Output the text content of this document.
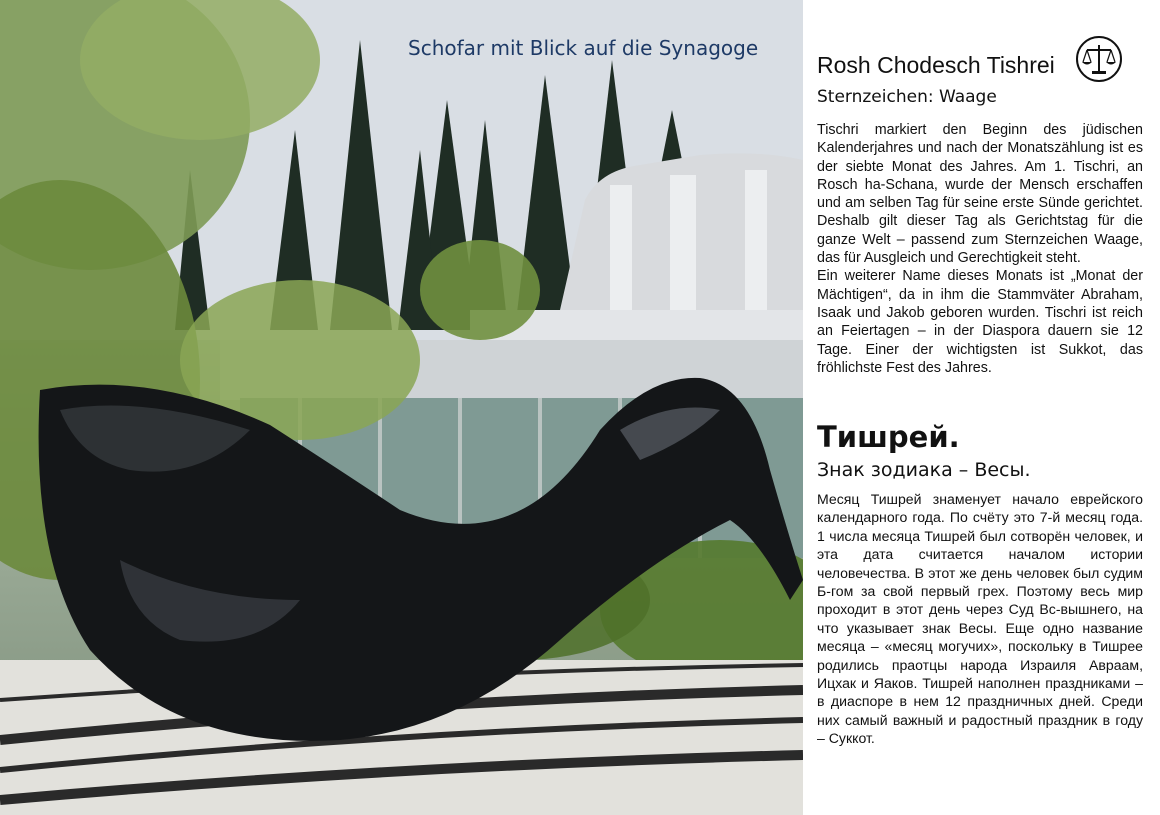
Schofar mit Blick auf die Synagoge

Rosh Chodesch Tishrei
Sternzeichen: Waage

Tischri markiert den Beginn des jüdischen Kalenderjahres und nach der Monatszählung ist es der siebte Monat des Jahres. Am 1. Tischri, an Rosch ha-Schana, wurde der Mensch erschaffen und am selben Tag für seine erste Sünde gerichtet. Deshalb gilt dieser Tag als Gerichtstag für die ganze Welt – passend zum Sternzeichen Waage, das für Ausgleich und Gerechtigkeit steht.

Ein weiterer Name dieses Monats ist „Monat der Mächtigen“, da in ihm die Stammväter Abraham, Isaak und Jakob geboren wurden. Tischri ist reich an Feiertagen – in der Diaspora dauern sie 12 Tage. Einer der wichtigsten ist Sukkot, das fröhlichste Fest des Jahres.

Тишрей.
Знак зодиака – Весы.

Месяц Тишрей знаменует начало еврейского календарного года. По счёту это 7-й месяц года. 1 числа месяца Тишрей был сотворён человек, и эта дата считается началом истории человечества. В этот же день человек был судим Б-гом за свой первый грех. Поэтому весь мир проходит в этот день через Суд Вс-вышнего, на что указывает знак Весы. Еще одно название месяца – «месяц могучих», поскольку в Тишрее родились праотцы народа Израиля Авраам, Ицхак и Яаков. Тишрей наполнен праздниками – в диаспоре в нем 12 праздничных дней. Среди них самый важный и радостный праздник в году – Суккот.
